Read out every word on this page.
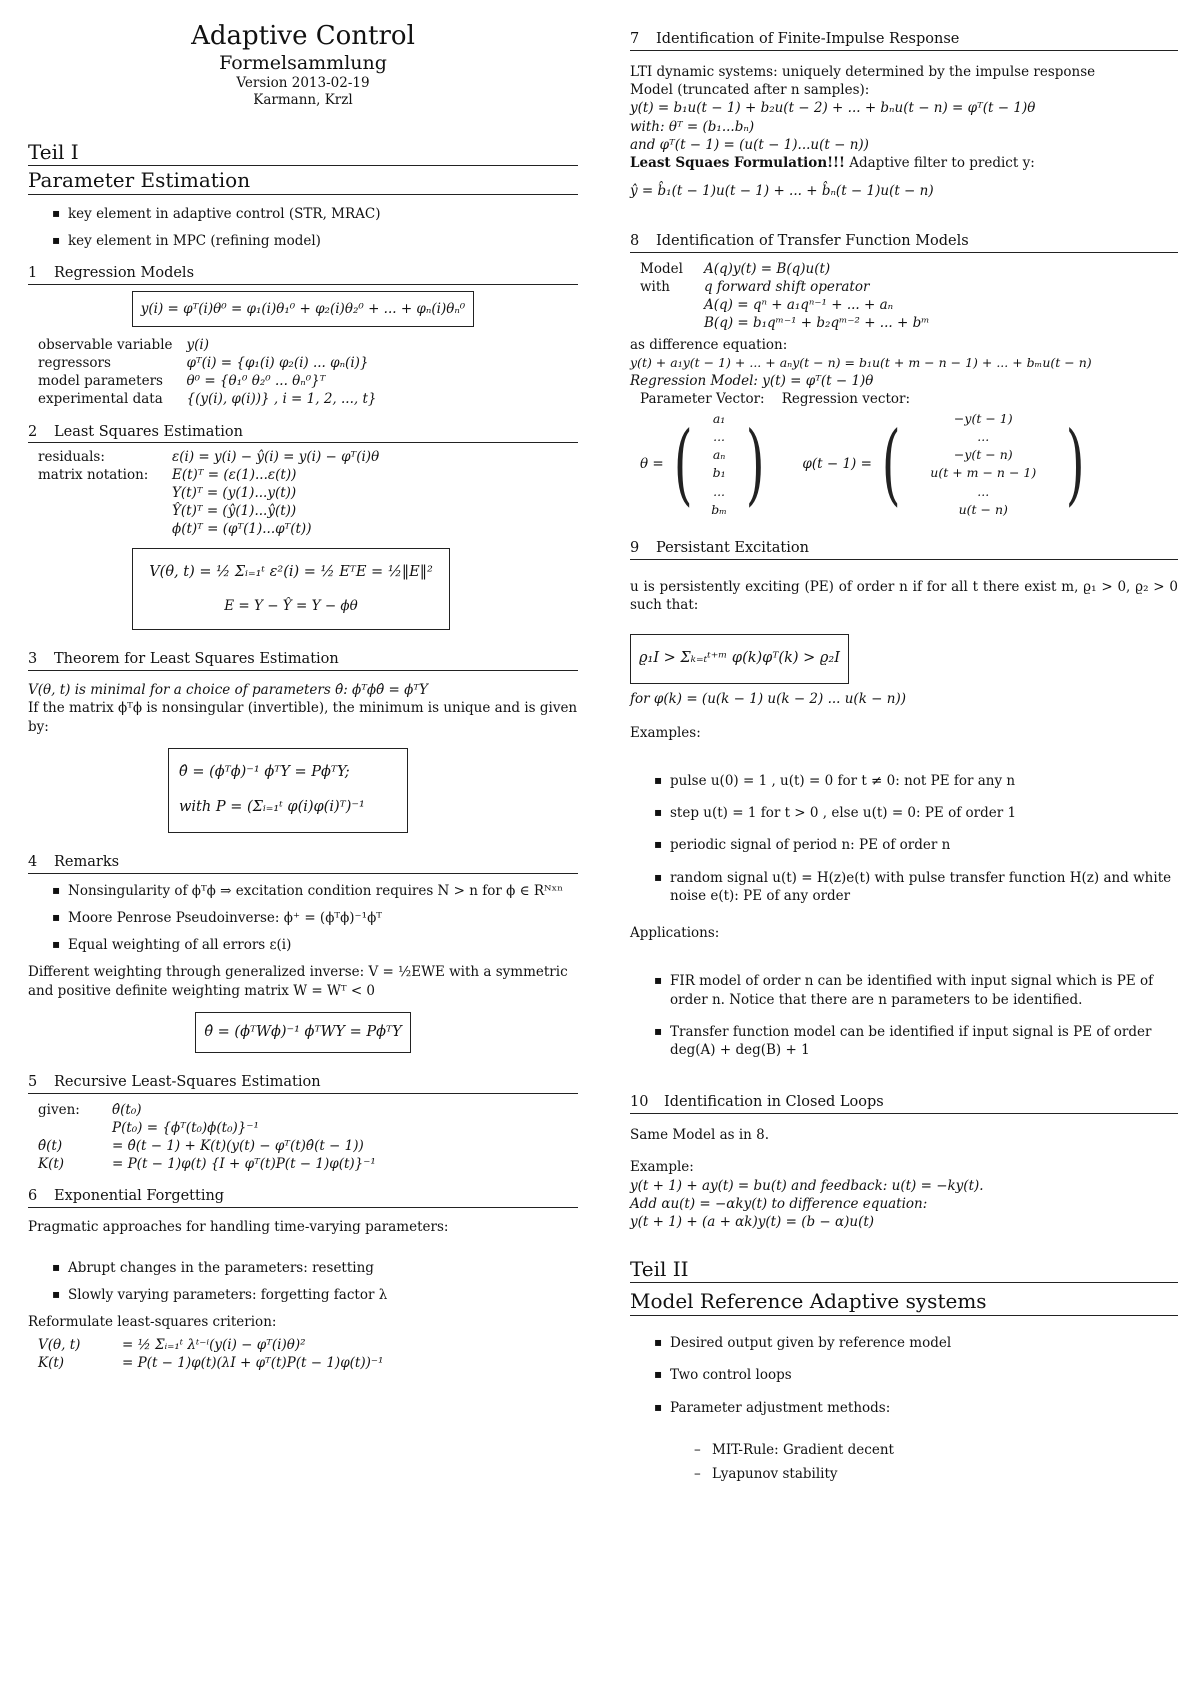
Adaptive Control
Formelsammlung
Version 2013-02-19
Karmann, Krzl
Teil I
Parameter Estimation
▪ key element in adaptive control (STR, MRAC)
▪ key element in MPC (refining model)
1 Regression Models
y(i) = φᵀ(i)θ⁰ = φ₁(i)θ₁⁰ + φ₂(i)θ₂⁰ + ... + φₙ(i)θₙ⁰
observable variable	y(i)
regressors	φᵀ(i) = {φ₁(i) φ₂(i) ... φₙ(i)}
model parameters	θ⁰ = {θ₁⁰ θ₂⁰ ... θₙ⁰}ᵀ
experimental data	{(y(i), φ(i))} , i = 1, 2, ..., t}
2 Least Squares Estimation
residuals:	ε(i) = y(i) − ŷ(i) = y(i) − φᵀ(i)θ
matrix notation:	E(t)ᵀ = (ε(1)...ε(t))
	Y(t)ᵀ = (y(1)...y(t))
	Ŷ(t)ᵀ = (ŷ(1)...ŷ(t))
	ϕ(t)ᵀ = (φᵀ(1)...φᵀ(t))
V(θ, t) = ½ Σᵢ₌₁ᵗ ε²(i) = ½ EᵀE = ½‖E‖²
E = Y − Ŷ = Y − ϕθ
3 Theorem for Least Squares Estimation

V(θ, t) is minimal for a choice of parameters θ̂: ϕᵀϕθ̂ = ϕᵀY

If the matrix ϕᵀϕ is nonsingular (invertible), the minimum is unique and is given by:

θ̂ = (ϕᵀϕ)⁻¹ ϕᵀY = PϕᵀY;
with P = (Σᵢ₌₁ᵗ φ(i)φ(i)ᵀ)⁻¹
4 Remarks
▪ Nonsingularity of ϕᵀϕ ⇒ excitation condition requires N > n for ϕ ∈ Rᴺˣⁿ
▪ Moore Penrose Pseudoinverse: ϕ⁺ = (ϕᵀϕ)⁻¹ϕᵀ
▪ Equal weighting of all errors ε(i)

Different weighting through generalized inverse: V = ½EWE with a symmetric and positive definite weighting matrix W = Wᵀ < 0

θ̂ = (ϕᵀWϕ)⁻¹ ϕᵀWY = PϕᵀY
5 Recursive Least-Squares Estimation
given:	θ̂(t₀)
	P(t₀) = {ϕᵀ(t₀)ϕ(t₀)}⁻¹
θ̂(t)	= θ̂(t − 1) + K(t)(y(t) − φᵀ(t)θ̂(t − 1))
K(t)	= P(t − 1)φ(t) {I + φᵀ(t)P(t − 1)φ(t)}⁻¹
6 Exponential Forgetting

Pragmatic approaches for handling time-varying parameters:

▪ Abrupt changes in the parameters: resetting
▪ Slowly varying parameters: forgetting factor λ

Reformulate least-squares criterion:

V(θ, t)	= ½ Σᵢ₌₁ᵗ λᵗ⁻ⁱ(y(i) − φᵀ(i)θ)²
K(t)	= P(t − 1)φ(t)(λI + φᵀ(t)P(t − 1)φ(t))⁻¹
7 Identification of Finite-Impulse Response
LTI dynamic systems: uniquely determined by the impulse response
Model (truncated after n samples):
y(t) = b₁u(t − 1) + b₂u(t − 2) + ... + bₙu(t − n) = φᵀ(t − 1)θ
with: θᵀ = (b₁...bₙ)
and φᵀ(t − 1) = (u(t − 1)...u(t − n))
Least Squaes Formulation!!! Adaptive filter to predict y:
ŷ = b̂₁(t − 1)u(t − 1) + ... + b̂ₙ(t − 1)u(t − n)
8 Identification of Transfer Function Models
Model	A(q)y(t) = B(q)u(t)
with	q forward shift operator
	A(q) = qⁿ + a₁qⁿ⁻¹ + ... + aₙ
	B(q) = b₁qᵐ⁻¹ + b₂qᵐ⁻² + ... + bᵐ
as difference equation:
y(t) + a₁y(t − 1) + ... + aₙy(t − n) = b₁u(t + m − n − 1) + ... + bₘu(t − n)
Regression Model: y(t) = φᵀ(t − 1)θ
Parameter Vector: Regression vector:
θ = ( a₁
...
aₙ
b₁
...
bₘ )	φ(t − 1) = (	−y(t − 1)
...
−y(t − n)
u(t + m − n − 1)
...
u(t − n) )
9 Persistant Excitation

u is persistently exciting (PE) of order n if for all t there exist m, ϱ₁ > 0, ϱ₂ > 0 such that:

ϱ₁I > Σₖ₌ₜᵗ⁺ᵐ φ(k)φᵀ(k) > ϱ₂I
for φ(k) = (u(k − 1) u(k − 2) ... u(k − n))
Examples:
▪ pulse u(0) = 1 , u(t) = 0 for t ≠ 0: not PE for any n
▪ step u(t) = 1 for t > 0 , else u(t) = 0: PE of order 1
▪ periodic signal of period n: PE of order n
▪ random signal u(t) = H(z)e(t) with pulse transfer function H(z) and white noise e(t): PE of any order
Applications:
▪ FIR model of order n can be identified with input signal which is PE of order n. Notice that there are n parameters to be identified.
▪ Transfer function model can be identified if input signal is PE of order deg(A) + deg(B) + 1
10 Identification in Closed Loops

Same Model as in 8.

Example:
y(t + 1) + ay(t) = bu(t) and feedback: u(t) = −ky(t).
Add αu(t) = −αky(t) to difference equation:
y(t + 1) + (a + αk)y(t) = (b − α)u(t)
Teil II
Model Reference Adaptive systems
▪ Desired output given by reference model
▪ Two control loops
▪ Parameter adjustment methods:
– MIT-Rule: Gradient decent
– Lyapunov stability
